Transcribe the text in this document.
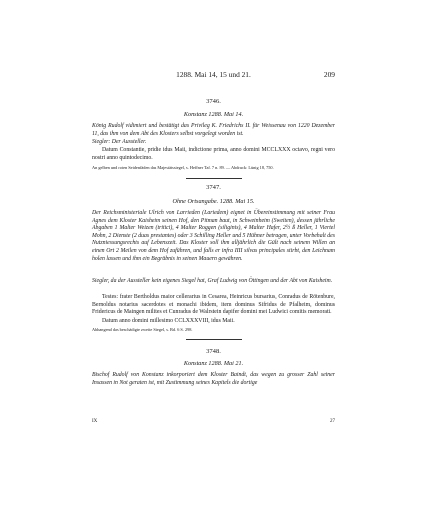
1288. Mai 14, 15 und 21.	209
3746.
Konstanz 1288. Mai 14.

König Rudolf vidimiert und bestätigt das Privileg K. Friedrichs II. für Weissenau von 1220 Dezember 11, das ihm von dem Abt des Klosters selbst vorgelegt worden ist.

Siegler: Der Aussteller.

Datum Constantie, pridie idus Maii, indictione prima, anno domini MCCLXXX octavo, regni vero nostri anno quintodecimo.

An gelben und roten Seidenfäden das Majestätssiegel, s. Heffner Taf. 7 n. 89. — Abdruck: Lünig 18, 750.

3747.
Ohne Ortsangabe. 1288. Mai 15.

Der Reichsministeriale Ulrich von Larrieden (Lariedem) eignet in Übereinstimmung mit seiner Frau Agnes dem Kloster Kaisheim seinen Hof, den Pitman baut, in Schweinheim (Sweiten), dessen jährliche Abgaben 1 Malter Weizen (tritici), 4 Malter Roggen (siliginis), 4 Malter Hafer, 2½ ß Heller, 1 Viertel Mohn, 2 Dienste (2 duas prestantes) oder 3 Schilling Heller und 5 Hühner betragen, unter Vorbehalt des Nutzniessungsrechts auf Lebenszeit. Das Kloster soll ihm alljährlich die Gült nach seinem Willen an einen Ort 2 Meilen von dem Hof zuführen, und falls er infra IIII silvas principales stirbt, den Leichnam holen lassen und ihm ein Begräbnis in seinen Mauern gewähren.

Siegler, da der Aussteller kein eigenes Siegel hat, Graf Ludwig von Öttingen und der Abt von Kaisheim.

Testes: frater Bertholdus maior cellerarius in Cesarea, Heinricus bursarius, Conradus de Rötenbure, Bernoldus notarius sacerdotes et monachi ibidem, item dominus Sifridus de Pfalheim, dominus Fridericus de Maingen milites et Cunradus de Walrstein dapifer domini mei Ludwici comitis memorati.

Datum anno domini millesimo CCLXXXVIII, idus Maii.

Abhangend das beschädigte zweite Siegel, s. Bd. 6 S. 298.

3748.
Konstanz 1288. Mai 21.

Bischof Rudolf von Konstanz inkorporiert dem Kloster Baindt, das wegen zu grosser Zahl seiner Insassen in Not geraten ist, mit Zustimmung seines Kapitels die dortige

IX	27
